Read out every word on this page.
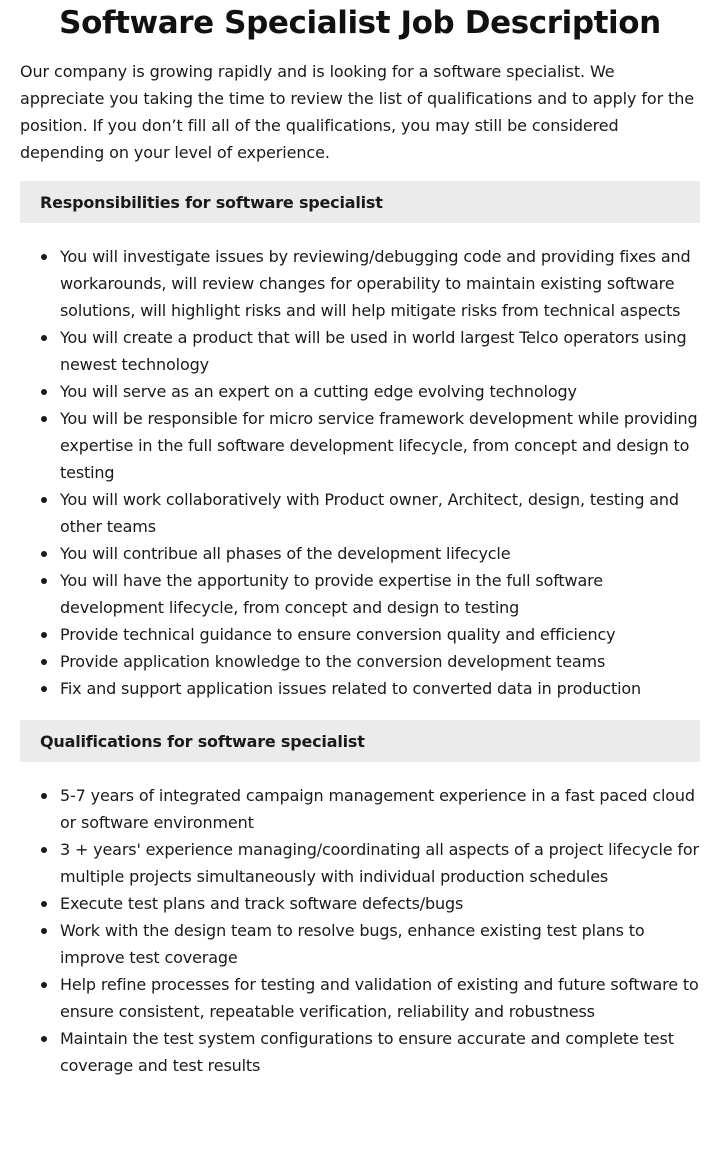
Software Specialist Job Description

Our company is growing rapidly and is looking for a software specialist. We appreciate you taking the time to review the list of qualifications and to apply for the position. If you don’t fill all of the qualifications, you may still be considered depending on your level of experience.

Responsibilities for software specialist
You will investigate issues by reviewing/debugging code and providing fixes and workarounds, will review changes for operability to maintain existing software solutions, will highlight risks and will help mitigate risks from technical aspects
You will create a product that will be used in world largest Telco operators using newest technology
You will serve as an expert on a cutting edge evolving technology
You will be responsible for micro service framework development while providing expertise in the full software development lifecycle, from concept and design to testing
You will work collaboratively with Product owner, Architect, design, testing and other teams
You will contribue all phases of the development lifecycle
You will have the apportunity to provide expertise in the full software development lifecycle, from concept and design to testing
Provide technical guidance to ensure conversion quality and efficiency
Provide application knowledge to the conversion development teams
Fix and support application issues related to converted data in production
Qualifications for software specialist
5-7 years of integrated campaign management experience in a fast paced cloud or software environment
3 + years' experience managing/coordinating all aspects of a project lifecycle for multiple projects simultaneously with individual production schedules
Execute test plans and track software defects/bugs
Work with the design team to resolve bugs, enhance existing test plans to improve test coverage
Help refine processes for testing and validation of existing and future software to ensure consistent, repeatable verification, reliability and robustness
Maintain the test system configurations to ensure accurate and complete test coverage and test results
